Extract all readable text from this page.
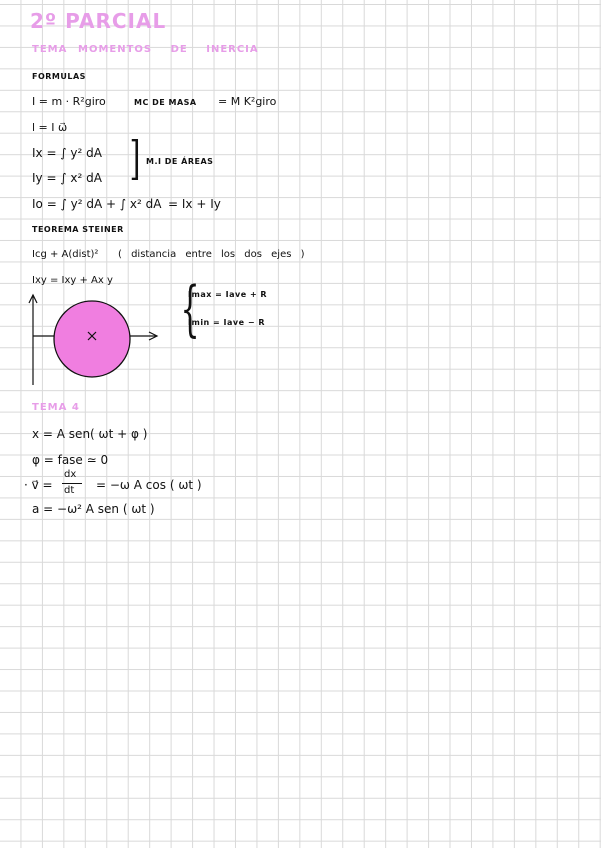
2º PARCIAL
TEMA MOMENTOS DE INERCIA
FORMULAS
I = m · R²giro	MC DE MASA = M K²giro
l = I ω⃗
Ix = ∫ y² dA
Iy = ∫ x² dA ] M.I DE ÁREAS
Io = ∫ y² dA + ∫ x² dA = Ix + Iy
TEOREMA STEINER
Icg + A(dist)² ( distancia entre los dos ejes )
Ixy = Ixy + Ax y {
Imax = Iave + R
Imin = Iave − R
TEMA 4
x = A sen( ωt + φ )
φ = fase ≃ 0
· v⃗ =
dx
dt = −ω A cos ( ωt )
a = −ω² A sen ( ωt )
